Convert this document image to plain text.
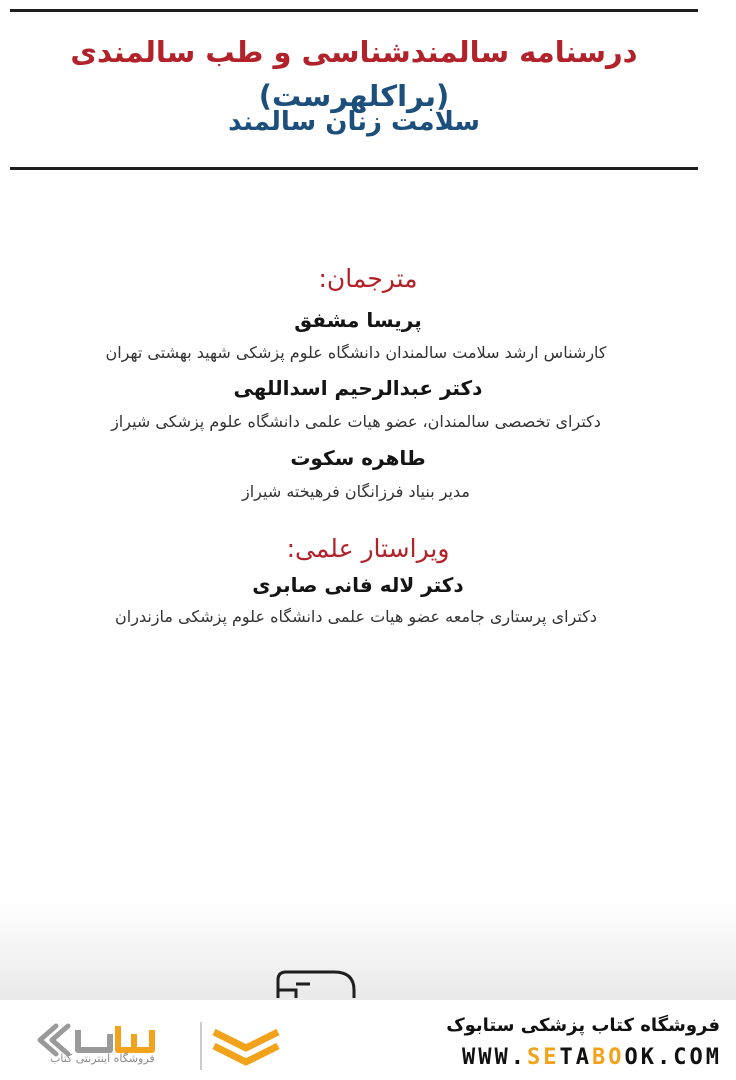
درسنامه سالمندشناسی و طب سالمندی (براکلهرست)
سلامت زنان سالمند
مترجمان:
پریسا مشفق
کارشناس ارشد سلامت سالمندان دانشگاه علوم پزشکی شهید بهشتی تهران
دکتر عبدالرحیم اسداللهی
دکترای تخصصی سالمندان، عضو هیات علمی دانشگاه علوم پزشکی شیراز
طاهره سکوت
مدیر بنیاد فرزانگان فرهیخته شیراز
ویراستار علمی:
دکتر لاله فانی صابری
دکترای پرستاری جامعه عضو هیات علمی دانشگاه علوم پزشکی مازندران
فروشگاه کتاب پزشکی ستابوک
WWW.SETABOOK.COM
فروشگاه اینترنتی کتاب
